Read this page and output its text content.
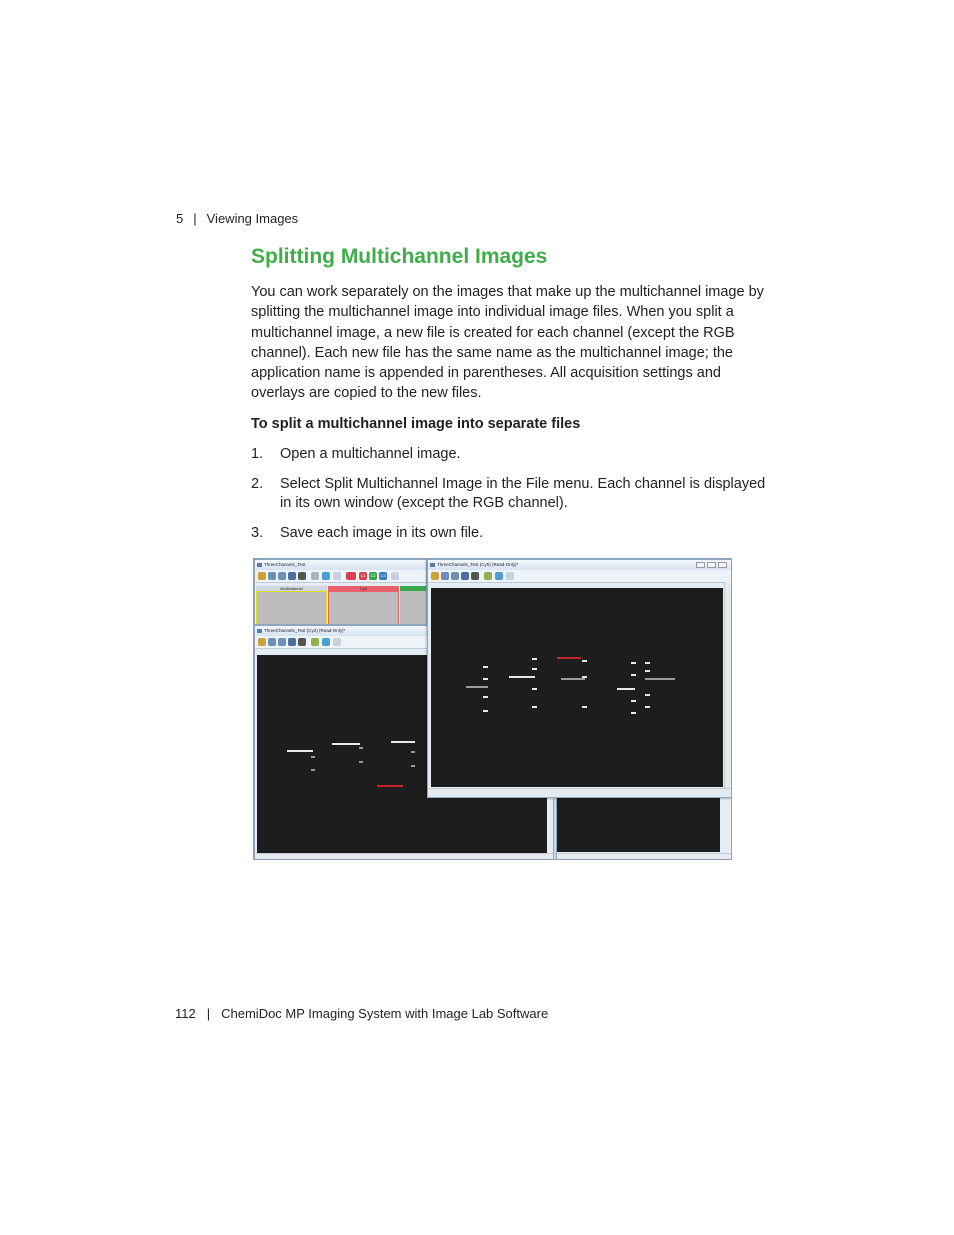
5 | Viewing Images
Splitting Multichannel Images

You can work separately on the images that make up the multichannel image by splitting the multichannel image into individual image files. When you split a multichannel image, a new file is created for each channel (except the RGB channel). Each new file has the same name as the multichannel image; the application name is appended in parentheses. All acquisition settings and overlays are copied to the new files.

To split a multichannel image into separate files
1. Open a multichannel image.
2. Select Split Multichannel Image in the File menu. Each channel is displayed in its own window (except the RGB channel).
3. Save each image in its own file.
ThreeChannels_Test
C1	C2	C3
Multichannel	Cy3
ThreeChannels_Test (Cy2) (Read-Only)*
ThreeChannels_Test (Cy5) (Read-Only)*
112 | ChemiDoc MP Imaging System with Image Lab Software
